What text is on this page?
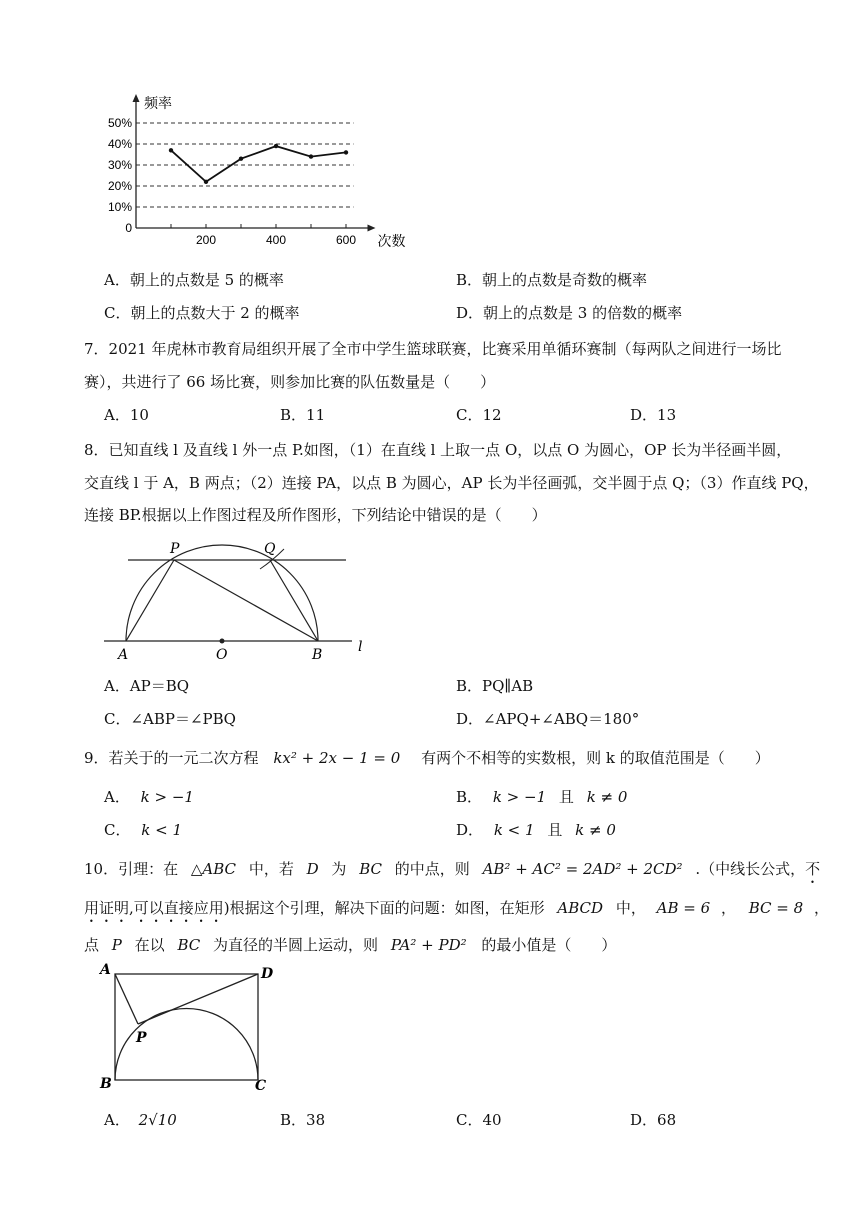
0
10%
20%
30%
40%
50%
200	400	600
频率
次数
A．朝上的点数是 5 的概率	B．朝上的点数是奇数的概率
C．朝上的点数大于 2 的概率	D．朝上的点数是 3 的倍数的概率
7．2021 年虎林市教育局组织开展了全市中学生篮球联赛，比赛采用单循环赛制（每两队之间进行一场比
赛），共进行了 66 场比赛，则参加比赛的队伍数量是（　　）
A．10	B．11	C．12	D．13
8．已知直线 l 及直线 l 外一点 P.如图，（1）在直线 l 上取一点 O，以点 O 为圆心，OP 长为半径画半圆，
交直线 l 于 A，B 两点；（2）连接 PA，以点 B 为圆心，AP 长为半径画弧，交半圆于点 Q；（3）作直线 PQ，
连接 BP.根据以上作图过程及所作图形，下列结论中错误的是（　　）
P	Q
A	O	B	l
A．AP＝BQ	B．PQ∥AB
C．∠ABP＝∠PBQ	D．∠APQ+∠ABQ＝180°
9．若关于的一元二次方程 kx² + 2x − 1 = 0 有两个不相等的实数根，则 k 的取值范围是（　　）
A． k > −1	B． k > −1 且 k ≠ 0
C． k < 1	D． k < 1 且 k ≠ 0
10．引理：在 △ABC 中，若 D 为 BC 的中点，则 AB² + AC² = 2AD² + 2CD² .（中线长公式，不
用证明,可以直接应用)根据这个引理，解决下面的问题：如图，在矩形 ABCD 中， AB = 6 ， BC = 8 ，
点 P 在以 BC 为直径的半圆上运动，则 PA² + PD² 的最小值是（　　）
A	D
P
B	C
A． 2√10	B．38	C．40	D．68
